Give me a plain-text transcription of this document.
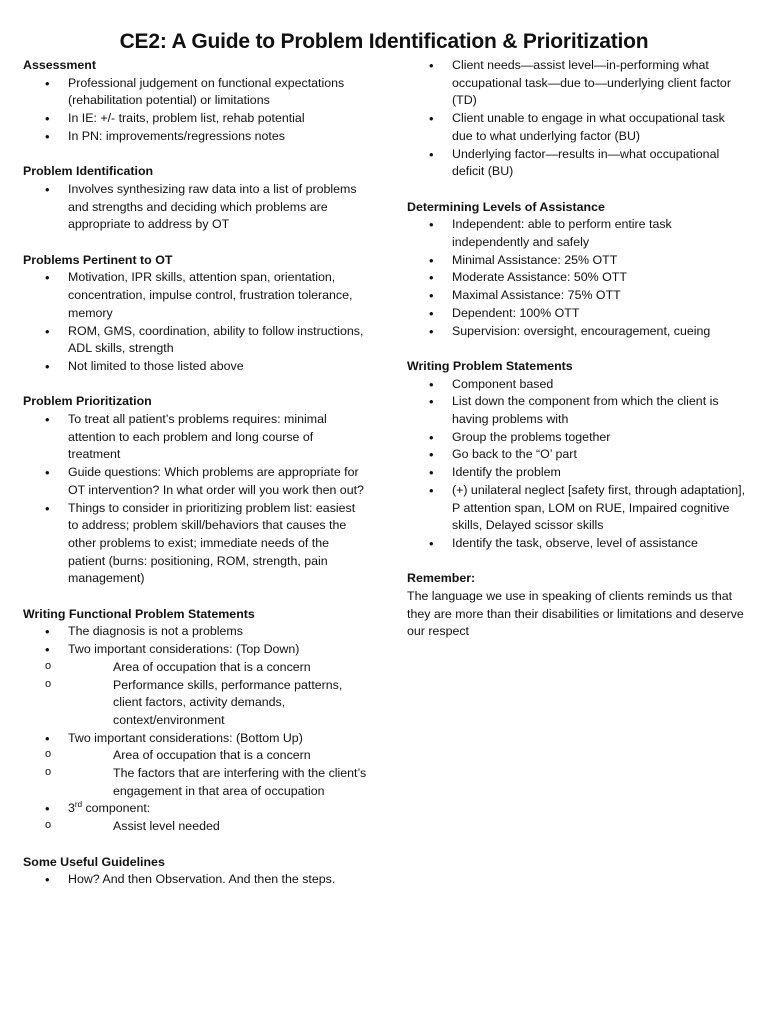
CE2: A Guide to Problem Identification & Prioritization
Assessment
• Professional judgement on functional expectations (rehabilitation potential) or limitations
• In IE: +/- traits, problem list, rehab potential
• In PN: improvements/regressions notes
Problem Identification
• Involves synthesizing raw data into a list of problems and strengths and deciding which problems are appropriate to address by OT
Problems Pertinent to OT
• Motivation, IPR skills, attention span, orientation, concentration, impulse control, frustration tolerance, memory
• ROM, GMS, coordination, ability to follow instructions, ADL skills, strength
• Not limited to those listed above
Problem Prioritization
• To treat all patient’s problems requires: minimal attention to each problem and long course of treatment
• Guide questions: Which problems are appropriate for OT intervention? In what order will you work then out?
• Things to consider in prioritizing problem list: easiest to address; problem skill/behaviors that causes the other problems to exist; immediate needs of the patient (burns: positioning, ROM, strength, pain management)
Writing Functional Problem Statements
• The diagnosis is not a problems
• Two important considerations: (Top Down)
o Area of occupation that is a concern
o Performance skills, performance patterns, client factors, activity demands, context/environment
• Two important considerations: (Bottom Up)
o Area of occupation that is a concern
o The factors that are interfering with the client’s engagement in that area of occupation
• 3rd component:
o Assist level needed
Some Useful Guidelines
• How? And then Observation. And then the steps.
• Client needs—assist level—in-performing what occupational task—due to—underlying client factor (TD)
• Client unable to engage in what occupational task due to what underlying factor (BU)
• Underlying factor—results in—what occupational deficit (BU)
Determining Levels of Assistance
• Independent: able to perform entire task independently and safely
• Minimal Assistance: 25% OTT
• Moderate Assistance: 50% OTT
• Maximal Assistance: 75% OTT
• Dependent: 100% OTT
• Supervision: oversight, encouragement, cueing
Writing Problem Statements
• Component based
• List down the component from which the client is having problems with
• Group the problems together
• Go back to the “O’ part
• Identify the problem
• (+) unilateral neglect [safety first, through adaptation], P attention span, LOM on RUE, Impaired cognitive skills, Delayed scissor skills
• Identify the task, observe, level of assistance
Remember:

The language we use in speaking of clients reminds us that they are more than their disabilities or limitations and deserve our respect
